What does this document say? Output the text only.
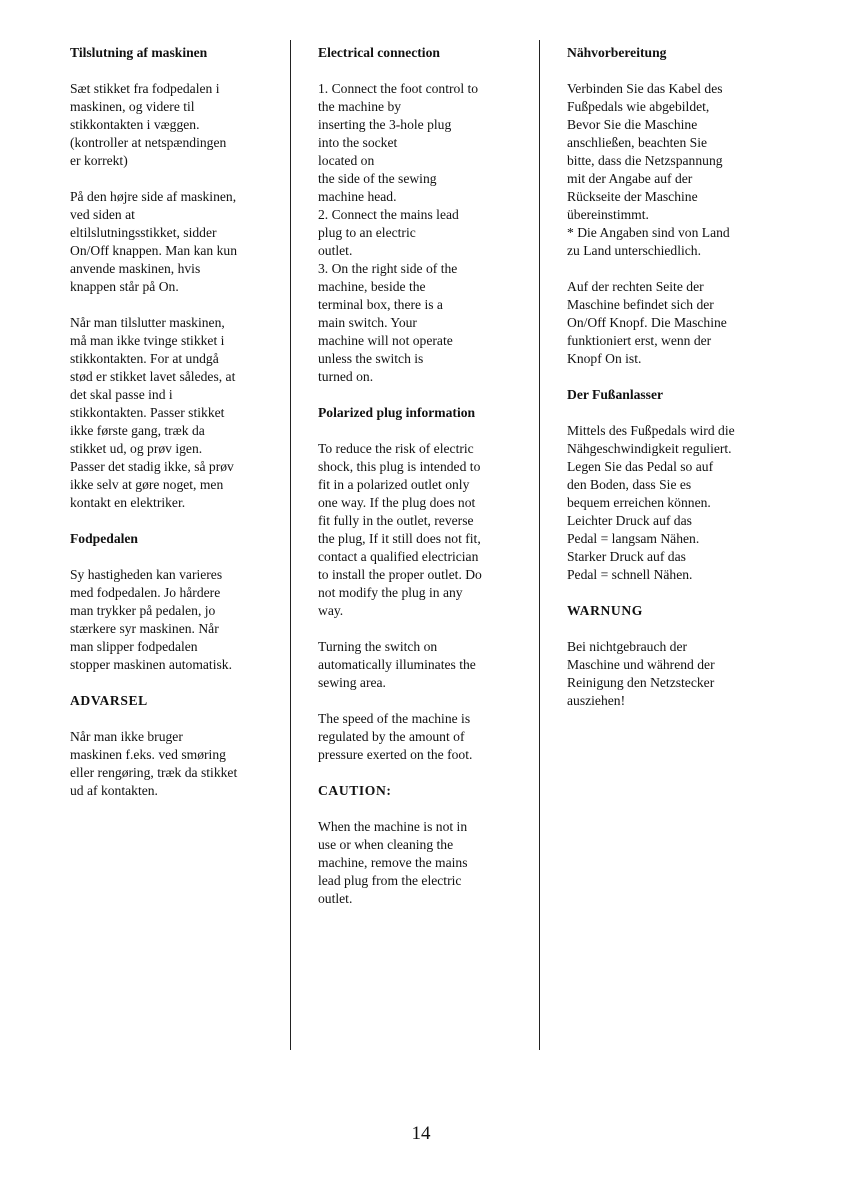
Tilslutning af maskinen

Sæt stikket fra fodpedalen i
maskinen, og videre til
stikkontakten i væggen.
(kontroller at netspændingen
er korrekt)

På den højre side af maskinen,
ved siden at
eltilslutningsstikket, sidder
On/Off knappen. Man kan kun
anvende maskinen, hvis
knappen står på On.

Når man tilslutter maskinen,
må man ikke tvinge stikket i
stikkontakten. For at undgå
stød er stikket lavet således, at
det skal passe ind i
stikkontakten. Passer stikket
ikke første gang, træk da
stikket ud, og prøv igen.
Passer det stadig ikke, så prøv
ikke selv at gøre noget, men
kontakt en elektriker.

Fodpedalen

Sy hastigheden kan varieres
med fodpedalen. Jo hårdere
man trykker på pedalen, jo
stærkere syr maskinen. Når
man slipper fodpedalen
stopper maskinen automatisk.

ADVARSEL

Når man ikke bruger
maskinen f.eks. ved smøring
eller rengøring, træk da stikket
ud af kontakten.

Electrical connection
1. Connect the foot control to
the machine by
inserting the 3-hole plug
into the socket
located on
the side of the sewing
machine head.
2. Connect the mains lead
plug to an electric
outlet.
3. On the right side of the
machine, beside the
terminal box, there is a
main switch. Your
machine will not operate
unless the switch is
turned on.
Polarized plug information

To reduce the risk of electric
shock, this plug is intended to
fit in a polarized outlet only
one way. If the plug does not
fit fully in the outlet, reverse
the plug, If it still does not fit,
contact a qualified electrician
to install the proper outlet. Do
not modify the plug in any
way.

Turning the switch on
automatically illuminates the
sewing area.

The speed of the machine is
regulated by the amount of
pressure exerted on the foot.

CAUTION:

When the machine is not in
use or when cleaning the
machine, remove the mains
lead plug from the electric
outlet.

Nähvorbereitung

Verbinden Sie das Kabel des
Fußpedals wie abgebildet,
Bevor Sie die Maschine
anschließen, beachten Sie
bitte, dass die Netzspannung
mit der Angabe auf der
Rückseite der Maschine
übereinstimmt.
* Die Angaben sind von Land
zu Land unterschiedlich.

Auf der rechten Seite der
Maschine befindet sich der
On/Off Knopf. Die Maschine
funktioniert erst, wenn der
Knopf On ist.

Der Fußanlasser

Mittels des Fußpedals wird die
Nähgeschwindigkeit reguliert.
Legen Sie das Pedal so auf
den Boden, dass Sie es
bequem erreichen können.
Leichter Druck auf das
Pedal = langsam Nähen.
Starker Druck auf das
Pedal = schnell Nähen.

WARNUNG

Bei nichtgebrauch der
Maschine und während der
Reinigung den Netzstecker
ausziehen!

14
